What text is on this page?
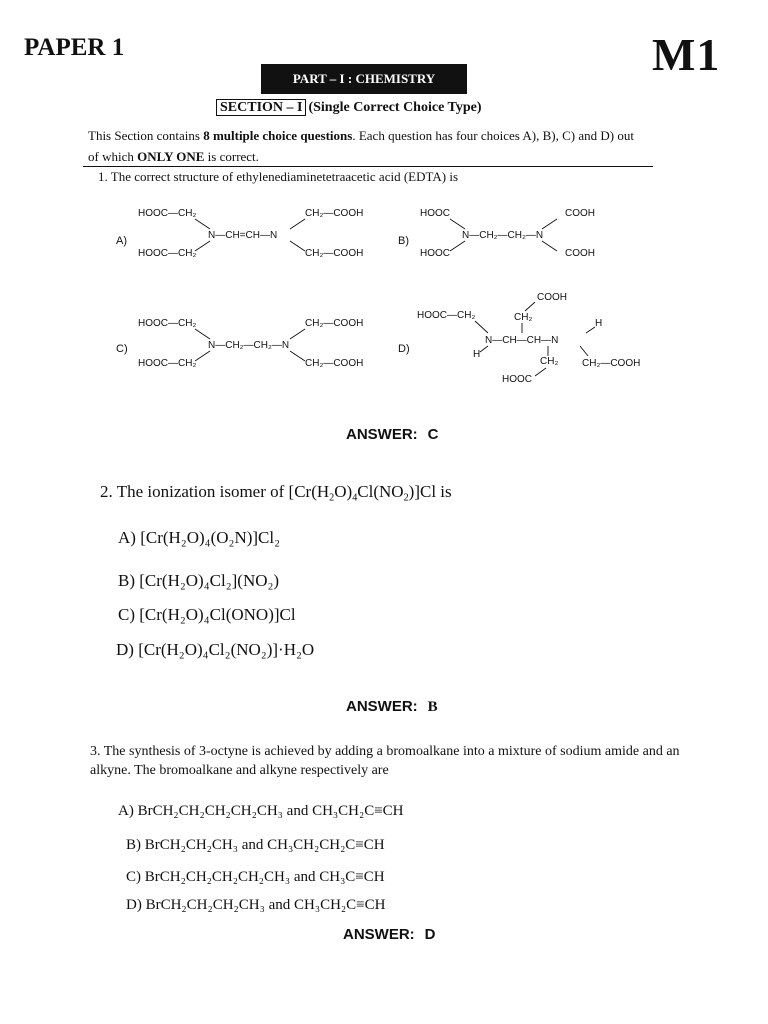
PAPER 1	M1
PART – I : CHEMISTRY
SECTION – I (Single Correct Choice Type)
This Section contains 8 multiple choice questions. Each question has four choices A), B), C) and D) out of which ONLY ONE is correct.
1. The correct structure of ethylenediaminetetraacetic acid (EDTA) is
A)
HOOC—CH₂
HOOC—CH₂
N—CH=CH—N
CH₂—COOH
CH₂—COOH
B)
HOOC
HOOC
N—CH₂—CH₂—N
COOH
COOH
C)
HOOC—CH₂
HOOC—CH₂
N—CH₂—CH₂—N
CH₂—COOH
CH₂—COOH
D)
COOH
HOOC—CH₂	CH₂
H
N—CH—CH—N
H
CH₂
HOOC
CH₂—COOH
ANSWER: C
2. The ionization isomer of $[Cr(H_2O)_4Cl(NO_2)]Cl$ is
A) [Cr(H₂O)₄(O₂N)]Cl₂
B) [Cr(H₂O)₄Cl₂](NO₂)
C) [Cr(H₂O)₄Cl(ONO)]Cl
D) [Cr(H₂O)₄Cl₂(NO₂)]·H₂O
ANSWER: B
3. The synthesis of 3-octyne is achieved by adding a bromoalkane into a mixture of sodium amide and an alkyne. The bromoalkane and alkyne respectively are
A) BrCH₂CH₂CH₂CH₂CH₃ and CH₃CH₂C≡CH
B) BrCH₂CH₂CH₃ and CH₃CH₂CH₂C≡CH
C) BrCH₂CH₂CH₂CH₂CH₃ and CH₃C≡CH
D) BrCH₂CH₂CH₂CH₃ and CH₃CH₂C≡CH
ANSWER: D
